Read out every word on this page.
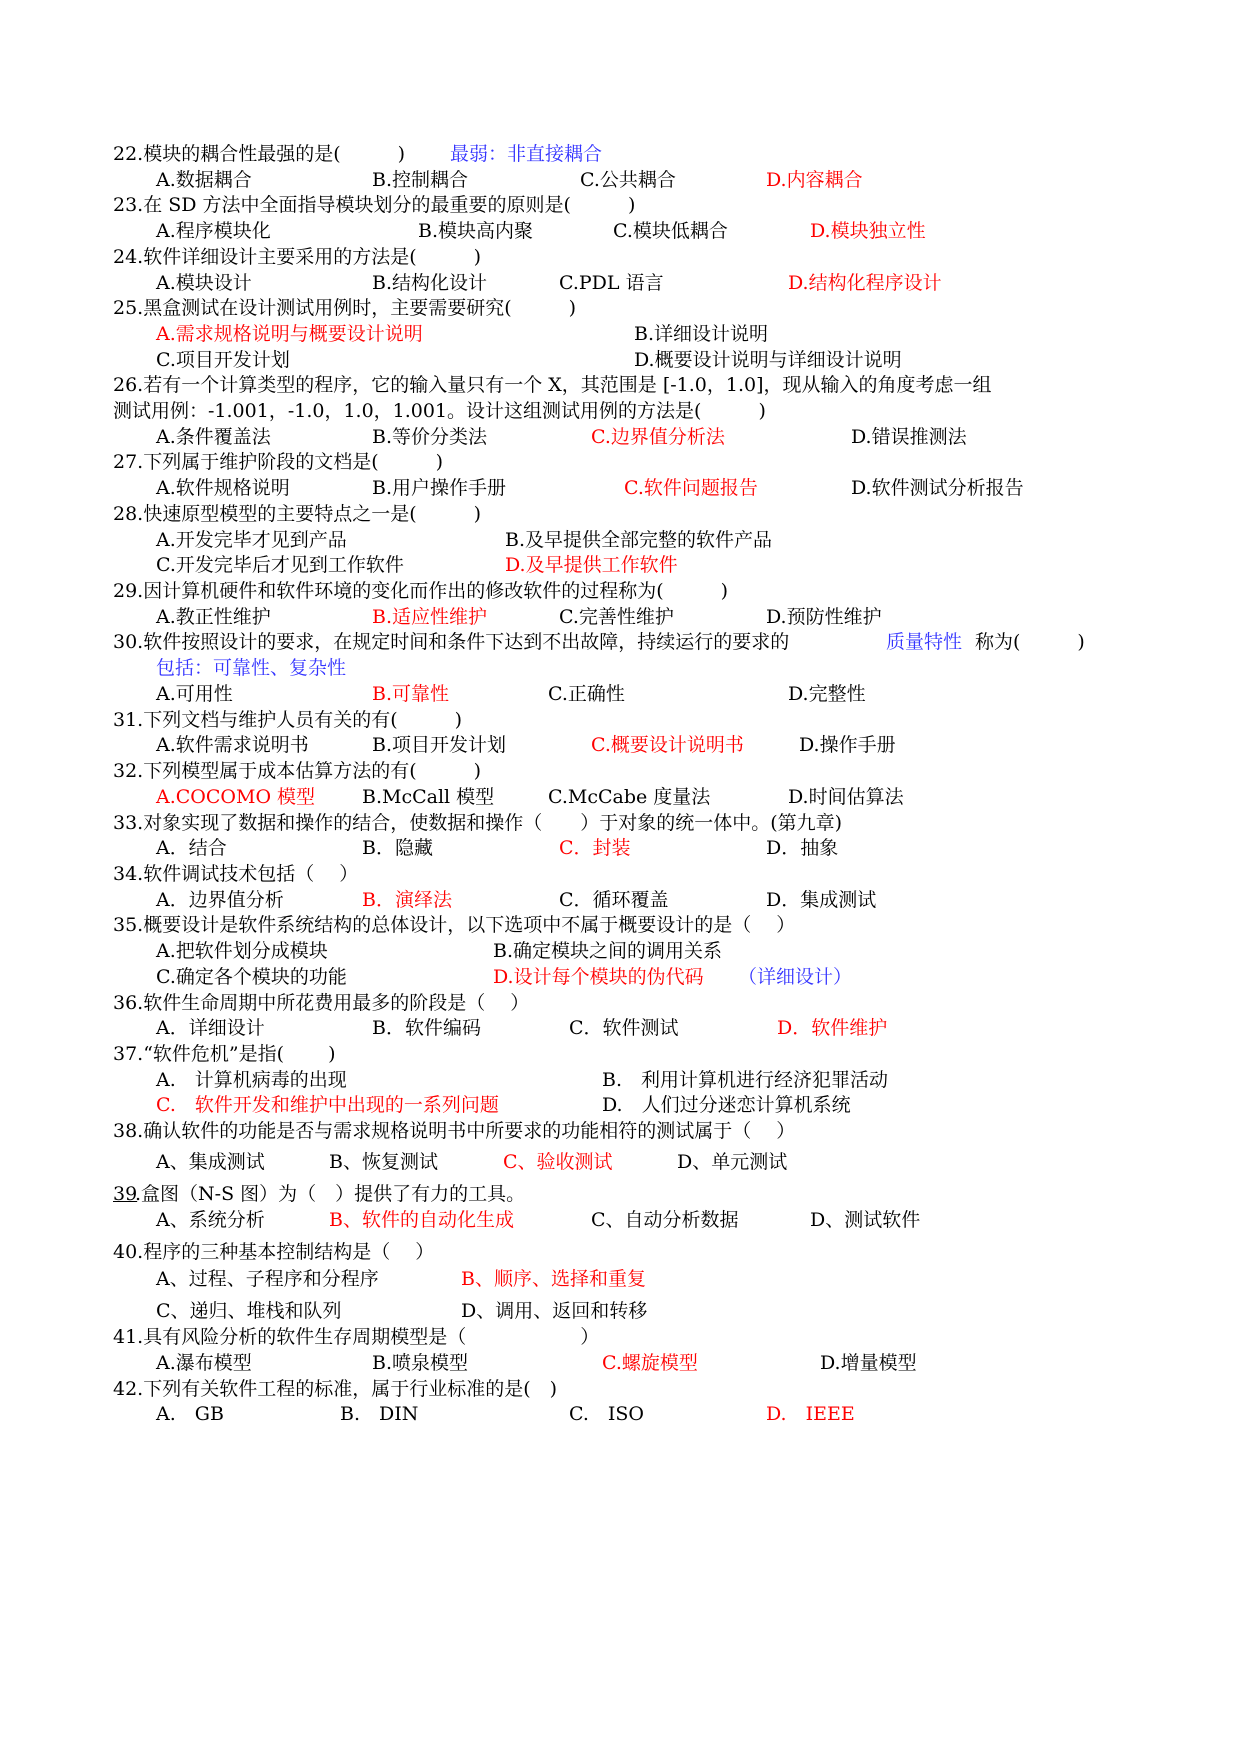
22.模块的耦合性最强的是(　　　) 最弱：非直接耦合
A.数据耦合	B.控制耦合	C.公共耦合	D.内容耦合
23.在 SD 方法中全面指导模块划分的最重要的原则是(　　　)
A.程序模块化	B.模块高内聚	C.模块低耦合	D.模块独立性
24.软件详细设计主要采用的方法是(　　　)
A.模块设计	B.结构化设计	C.PDL 语言	D.结构化程序设计
25.黑盒测试在设计测试用例时，主要需要研究(　　　)
A.需求规格说明与概要设计说明	B.详细设计说明
C.项目开发计划	D.概要设计说明与详细设计说明
26.若有一个计算类型的程序，它的输入量只有一个 X，其范围是 [-1.0，1.0]，现从输入的角度考虑一组
测试用例：-1.001，-1.0，1.0，1.001。设计这组测试用例的方法是(　　　)
A.条件覆盖法	B.等价分类法	C.边界值分析法	D.错误推测法
27.下列属于维护阶段的文档是(　　　)
A.软件规格说明	B.用户操作手册	C.软件问题报告	D.软件测试分析报告
28.快速原型模型的主要特点之一是(　　　)
A.开发完毕才见到产品	B.及早提供全部完整的软件产品
C.开发完毕后才见到工作软件	D.及早提供工作软件
29.因计算机硬件和软件环境的变化而作出的修改软件的过程称为(　　　)
A.教正性维护	B.适应性维护	C.完善性维护	D.预防性维护
30.软件按照设计的要求，在规定时间和条件下达到不出故障，持续运行的要求的	质量特性 称为(　　　)
包括：可靠性、复杂性
A.可用性	B.可靠性	C.正确性	D.完整性
31.下列文档与维护人员有关的有(　　　)
A.软件需求说明书	B.项目开发计划	C.概要设计说明书	D.操作手册
32.下列模型属于成本估算方法的有(　　　)
A.COCOMO 模型 B.McCall 模型	C.McCabe 度量法	D.时间估算法
33.对象实现了数据和操作的结合，使数据和操作（　　）于对象的统一体中。(第九章)
A．结合	B．隐藏	C．封装	D．抽象
34.软件调试技术包括（　 ）
A．边界值分析	B．演绎法	C．循环覆盖	D．集成测试
35.概要设计是软件系统结构的总体设计，以下选项中不属于概要设计的是（　 ）
A.把软件划分成模块	B.确定模块之间的调用关系
C.确定各个模块的功能	D.设计每个模块的伪代码 （详细设计）
36.软件生命周期中所花费用最多的阶段是（　 ）
A．详细设计	B．软件编码	C．软件测试	D．软件维护
37.“软件危机”是指(　　 )
A.　计算机病毒的出现	B.　利用计算机进行经济犯罪活动
C.　软件开发和维护中出现的一系列问题	D.　人们过分迷恋计算机系统
38.确认软件的功能是否与需求规格说明书中所要求的功能相符的测试属于（　 ）
A、集成测试	B、恢复测试	C、验收测试	D、单元测试
39
.盒图（N-S 图）为（　）提供了有力的工具。
A、系统分析	B、软件的自动化生成	C、自动分析数据	D、测试软件
40.程序的三种基本控制结构是（　 ）
A、过程、子程序和分程序	B、顺序、选择和重复
C、递归、堆栈和队列	D、调用、返回和转移
41.具有风险分析的软件生存周期模型是（　　　　　　）
A.瀑布模型	B.喷泉模型	C.螺旋模型	D.增量模型
42.下列有关软件工程的标准，属于行业标准的是(　)
A.　GB	B.　DIN	C.　ISO	D.　IEEE
